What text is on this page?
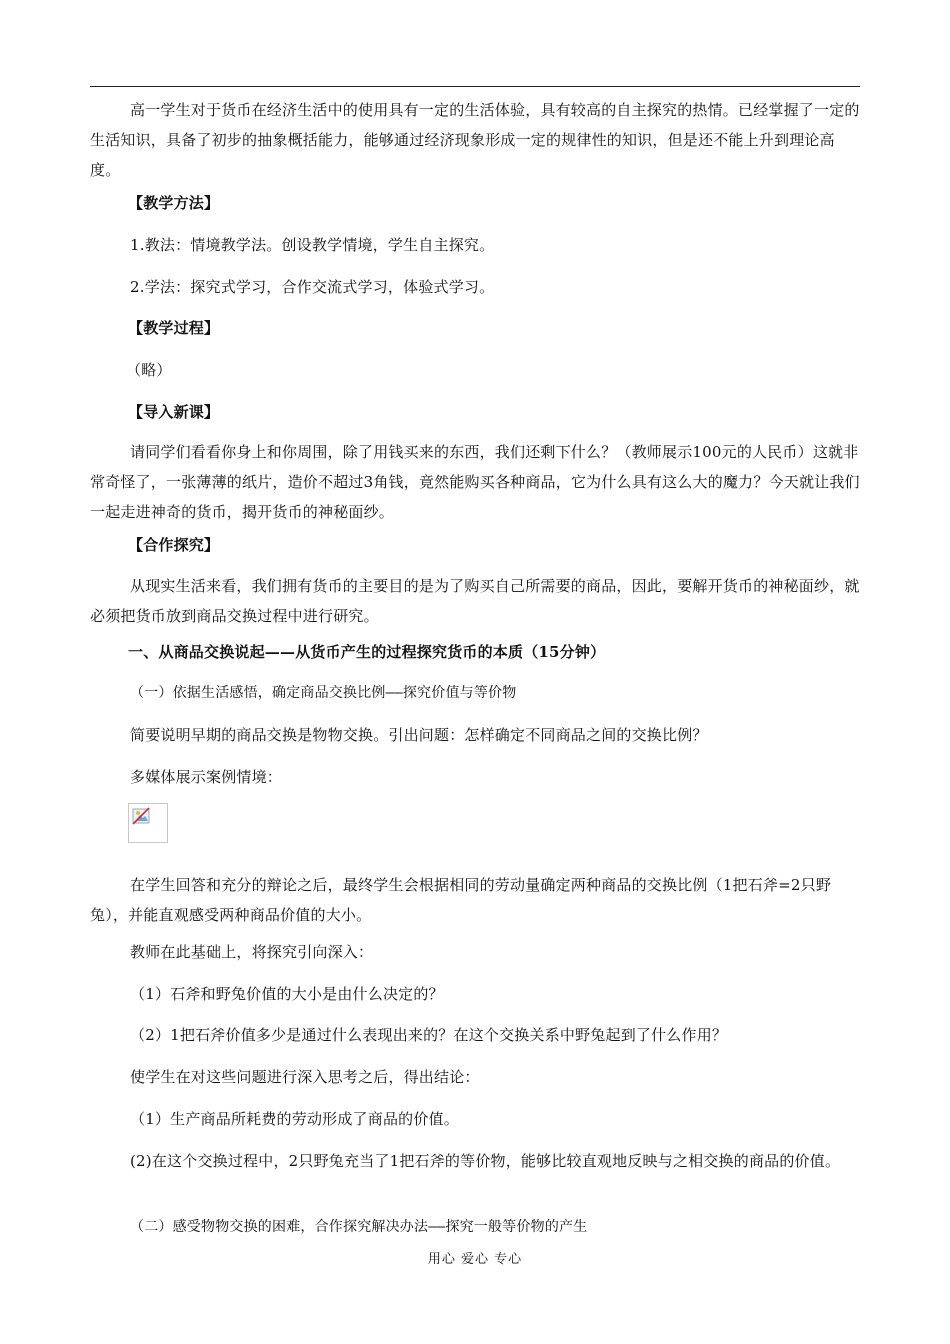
高一学生对于货币在经济生活中的使用具有一定的生活体验，具有较高的自主探究的热情。已经掌握了一定的生活知识，具备了初步的抽象概括能力，能够通过经济现象形成一定的规律性的知识，但是还不能上升到理论高度。
【教学方法】
1.教法：情境教学法。创设教学情境，学生自主探究。
2.学法：探究式学习，合作交流式学习，体验式学习。
【教学过程】
（略）
【导入新课】
请同学们看看你身上和你周围，除了用钱买来的东西，我们还剩下什么？（教师展示100元的人民币）这就非常奇怪了，一张薄薄的纸片，造价不超过3角钱，竟然能购买各种商品，它为什么具有这么大的魔力？今天就让我们一起走进神奇的货币，揭开货币的神秘面纱。
【合作探究】
从现实生活来看，我们拥有货币的主要目的是为了购买自己所需要的商品，因此，要解开货币的神秘面纱，就必须把货币放到商品交换过程中进行研究。
一、从商品交换说起——从货币产生的过程探究货币的本质（15分钟）
（一）依据生活感悟，确定商品交换比例——探究价值与等价物
简要说明早期的商品交换是物物交换。引出问题：怎样确定不同商品之间的交换比例？
多媒体展示案例情境：
在学生回答和充分的辩论之后，最终学生会根据相同的劳动量确定两种商品的交换比例（1把石斧=2只野兔），并能直观感受两种商品价值的大小。
教师在此基础上，将探究引向深入：
（1）石斧和野兔价值的大小是由什么决定的？
（2）1把石斧价值多少是通过什么表现出来的？在这个交换关系中野兔起到了什么作用？
使学生在对这些问题进行深入思考之后，得出结论：
（1）生产商品所耗费的劳动形成了商品的价值。
(2)在这个交换过程中，2只野兔充当了1把石斧的等价物，能够比较直观地反映与之相交换的商品的价值。
（二）感受物物交换的困难，合作探究解决办法——探究一般等价物的产生
用心 爱心 专心
